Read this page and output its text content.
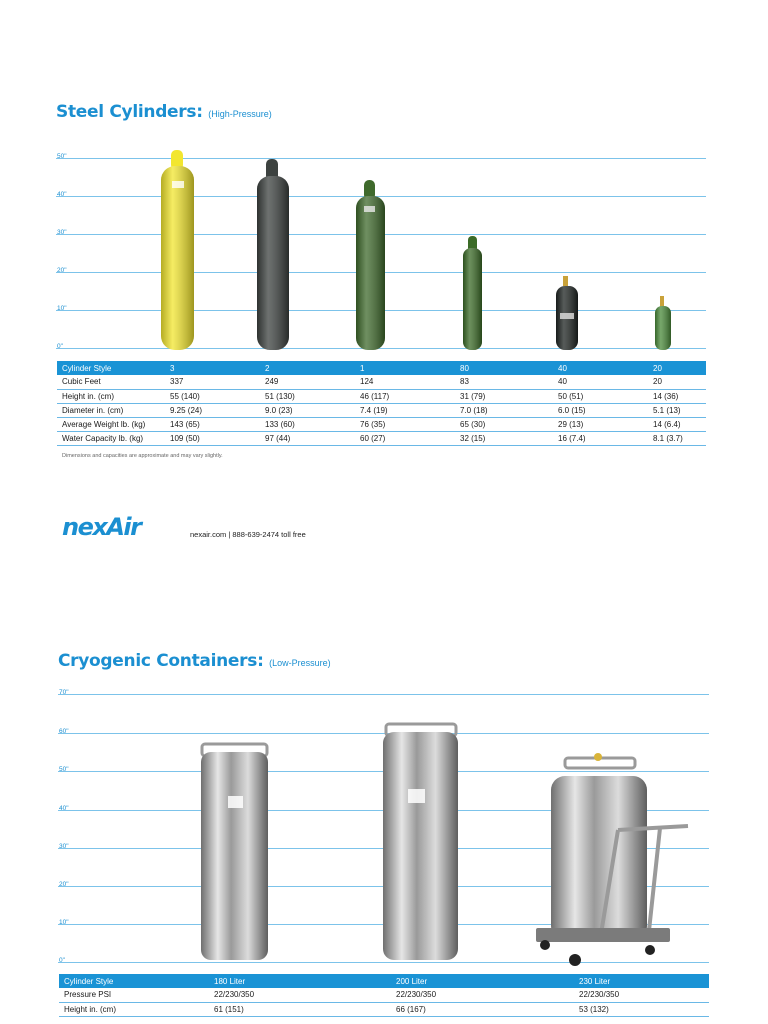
Steel Cylinders: (High-Pressure)
50"
40"
30"
20"
10"
0"
Cylinder Style	3	2	1	80	40	20
Cubic Feet	337	249	124	83	40	20
Height in. (cm)	55 (140)	51 (130)	46 (117)	31 (79)	50 (51)	14 (36)
Diameter in. (cm)	9.25 (24)	9.0 (23)	7.4 (19)	7.0 (18)	6.0 (15)	5.1 (13)
Average Weight lb. (kg)	143 (65)	133 (60)	76 (35)	65 (30)	29 (13)	14 (6.4)
Water Capacity lb. (kg)	109 (50)	97 (44)	60 (27)	32 (15)	16 (7.4)	8.1 (3.7)
Dimensions and capacities are approximate and may vary slightly.
nexAir	nexair.com | 888-639-2474 toll free
Cryogenic Containers: (Low-Pressure)
70"
60"
50"
40"
30"
20"
10"
0"
Cylinder Style	180 Liter	200 Liter	230 Liter
Pressure PSI	22/230/350	22/230/350	22/230/350
Height in. (cm)	61 (151)	66 (167)	53 (132)
